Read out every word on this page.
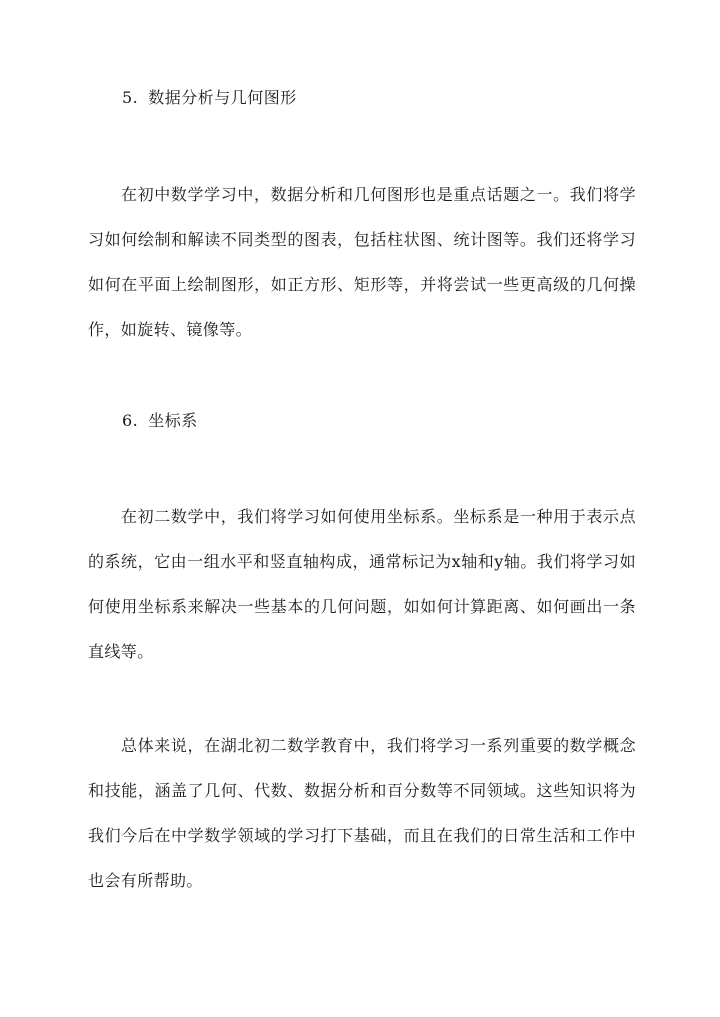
5. 数据分析与几何图形

在初中数学学习中，数据分析和几何图形也是重点话题之一。我们将学习如何绘制和解读不同类型的图表，包括柱状图、统计图等。我们还将学习如何在平面上绘制图形，如正方形、矩形等，并将尝试一些更高级的几何操作，如旋转、镜像等。

6. 坐标系

在初二数学中，我们将学习如何使用坐标系。坐标系是一种用于表示点的系统，它由一组水平和竖直轴构成，通常标记为x轴和y轴。我们将学习如何使用坐标系来解决一些基本的几何问题，如如何计算距离、如何画出一条直线等。

总体来说，在湖北初二数学教育中，我们将学习一系列重要的数学概念和技能，涵盖了几何、代数、数据分析和百分数等不同领域。这些知识将为我们今后在中学数学领域的学习打下基础，而且在我们的日常生活和工作中也会有所帮助。
